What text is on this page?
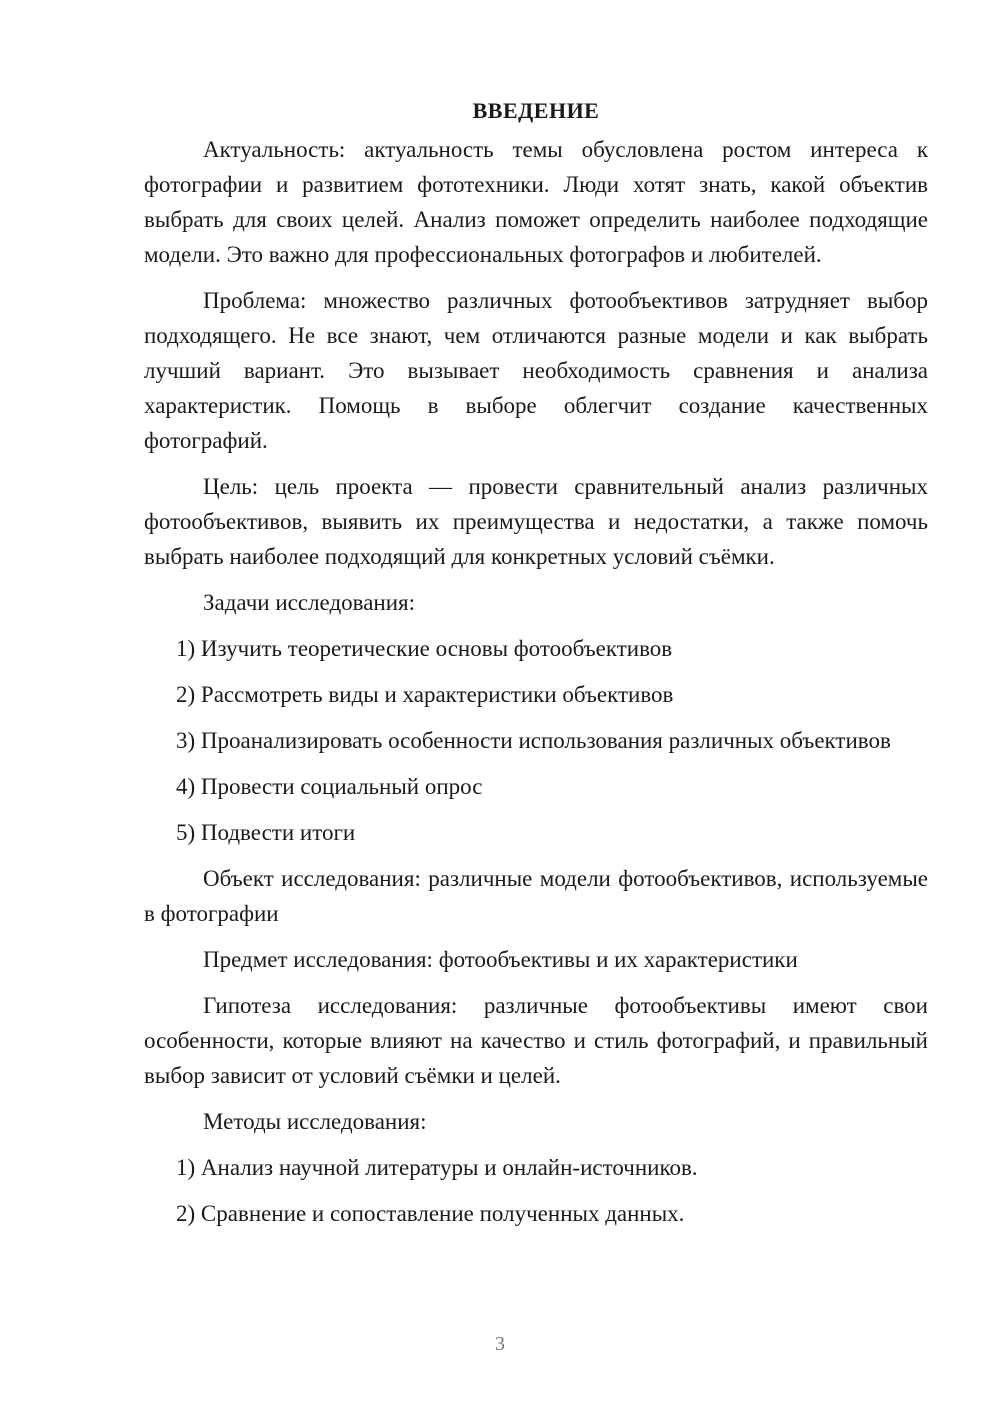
ВВЕДЕНИЕ

Актуальность: актуальность темы обусловлена ростом интереса к фотографии и развитием фототехники. Люди хотят знать, какой объектив выбрать для своих целей. Анализ поможет определить наиболее подходящие модели. Это важно для профессиональных фотографов и любителей.

Проблема: множество различных фотообъективов затрудняет выбор подходящего. Не все знают, чем отличаются разные модели и как выбрать лучший вариант. Это вызывает необходимость сравнения и анализа характеристик. Помощь в выборе облегчит создание качественных фотографий.

Цель: цель проекта — провести сравнительный анализ различных фотообъективов, выявить их преимущества и недостатки, а также помочь выбрать наиболее подходящий для конкретных условий съёмки.

Задачи исследования:

1) Изучить теоретические основы фотообъективов

2) Рассмотреть виды и характеристики объективов

3) Проанализировать особенности использования различных объективов

4) Провести социальный опрос

5) Подвести итоги

Объект исследования: различные модели фотообъективов, используемые в фотографии

Предмет исследования: фотообъективы и их характеристики

Гипотеза исследования: различные фотообъективы имеют свои особенности, которые влияют на качество и стиль фотографий, и правильный выбор зависит от условий съёмки и целей.

Методы исследования:

1) Анализ научной литературы и онлайн-источников.

2) Сравнение и сопоставление полученных данных.

3
